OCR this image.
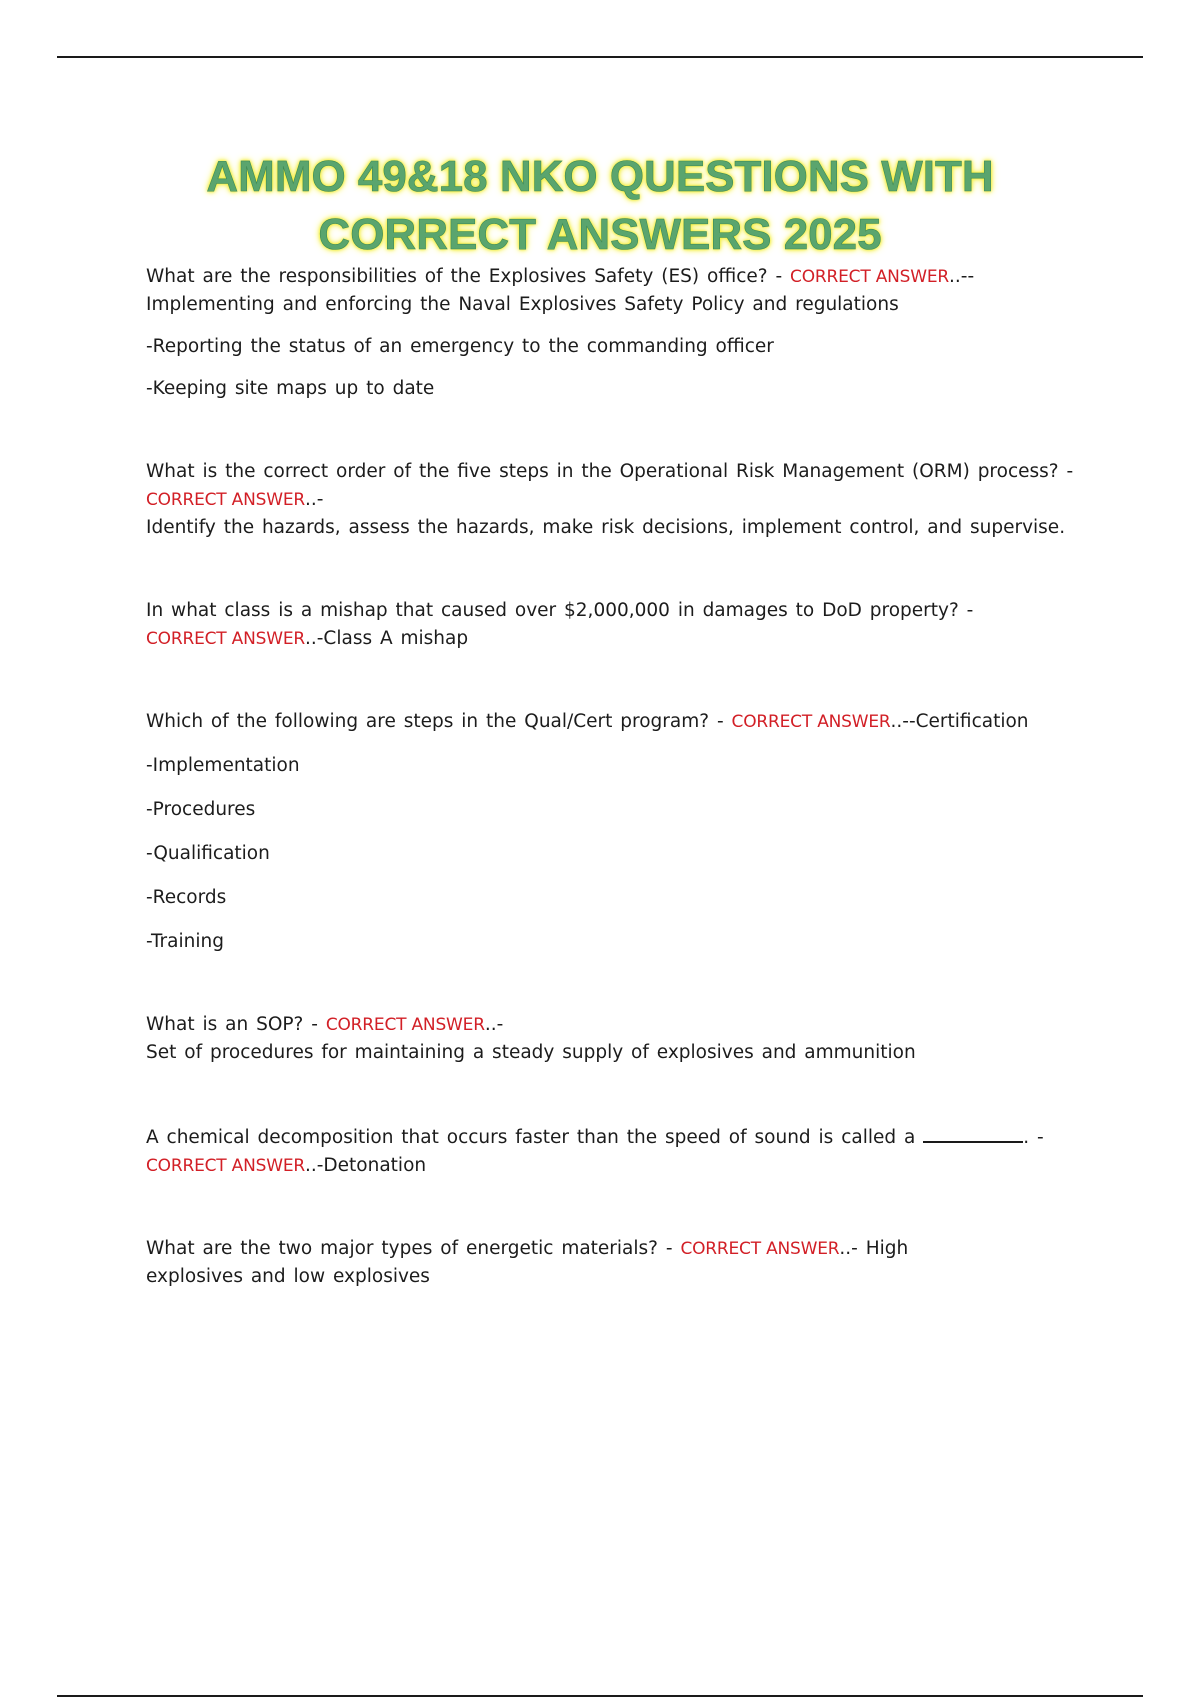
AMMO 49&18 NKO QUESTIONS WITH
CORRECT ANSWERS 2025
What are the responsibilities of the Explosives Safety (ES) office? - CORRECT ANSWER..--
Implementing and enforcing the Naval Explosives Safety Policy and regulations
-Reporting the status of an emergency to the commanding officer
-Keeping site maps up to date
What is the correct order of the five steps in the Operational Risk Management (ORM) process? -
CORRECT ANSWER..-
Identify the hazards, assess the hazards, make risk decisions, implement control, and supervise.
In what class is a mishap that caused over $2,000,000 in damages to DoD property? -
CORRECT ANSWER..-Class A mishap
Which of the following are steps in the Qual/Cert program? - CORRECT ANSWER..--Certification
-Implementation
-Procedures
-Qualification
-Records
-Training
What is an SOP? - CORRECT ANSWER..-
Set of procedures for maintaining a steady supply of explosives and ammunition
A chemical decomposition that occurs faster than the speed of sound is called a	. -
CORRECT ANSWER..-Detonation
What are the two major types of energetic materials? - CORRECT ANSWER..- High
explosives and low explosives
